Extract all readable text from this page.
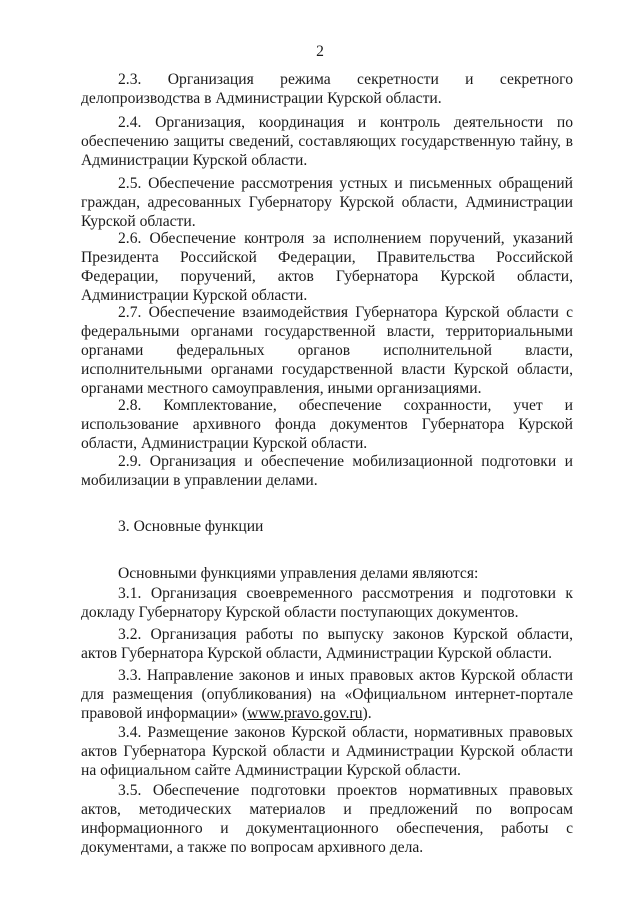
2

2.3. Организация режима секретности и секретного делопроизводства в Администрации Курской области.

2.4. Организация, координация и контроль деятельности по обеспечению защиты сведений, составляющих государственную тайну, в Администрации Курской области.

2.5. Обеспечение рассмотрения устных и письменных обращений граждан, адресованных Губернатору Курской области, Администрации Курской области.

2.6. Обеспечение контроля за исполнением поручений, указаний Президента Российской Федерации, Правительства Российской Федерации, поручений, актов Губернатора Курской области, Администрации Курской области.

2.7. Обеспечение взаимодействия Губернатора Курской области с федеральными органами государственной власти, территориальными органами федеральных органов исполнительной власти, исполнительными органами государственной власти Курской области, органами местного самоуправления, иными организациями.

2.8. Комплектование, обеспечение сохранности, учет и использование архивного фонда документов Губернатора Курской области, Администрации Курской области.

2.9. Организация и обеспечение мобилизационной подготовки и мобилизации в управлении делами.

3. Основные функции
Основными функциями управления делами являются:

3.1. Организация своевременного рассмотрения и подготовки к докладу Губернатору Курской области поступающих документов.

3.2. Организация работы по выпуску законов Курской области, актов Губернатора Курской области, Администрации Курской области.

3.3. Направление законов и иных правовых актов Курской области для размещения (опубликования) на «Официальном интернет-портале правовой информации» (www.pravo.gov.ru).

3.4. Размещение законов Курской области, нормативных правовых актов Губернатора Курской области и Администрации Курской области на официальном сайте Администрации Курской области.

3.5. Обеспечение подготовки проектов нормативных правовых актов, методических материалов и предложений по вопросам информационного и документационного обеспечения, работы с документами, а также по вопросам архивного дела.
